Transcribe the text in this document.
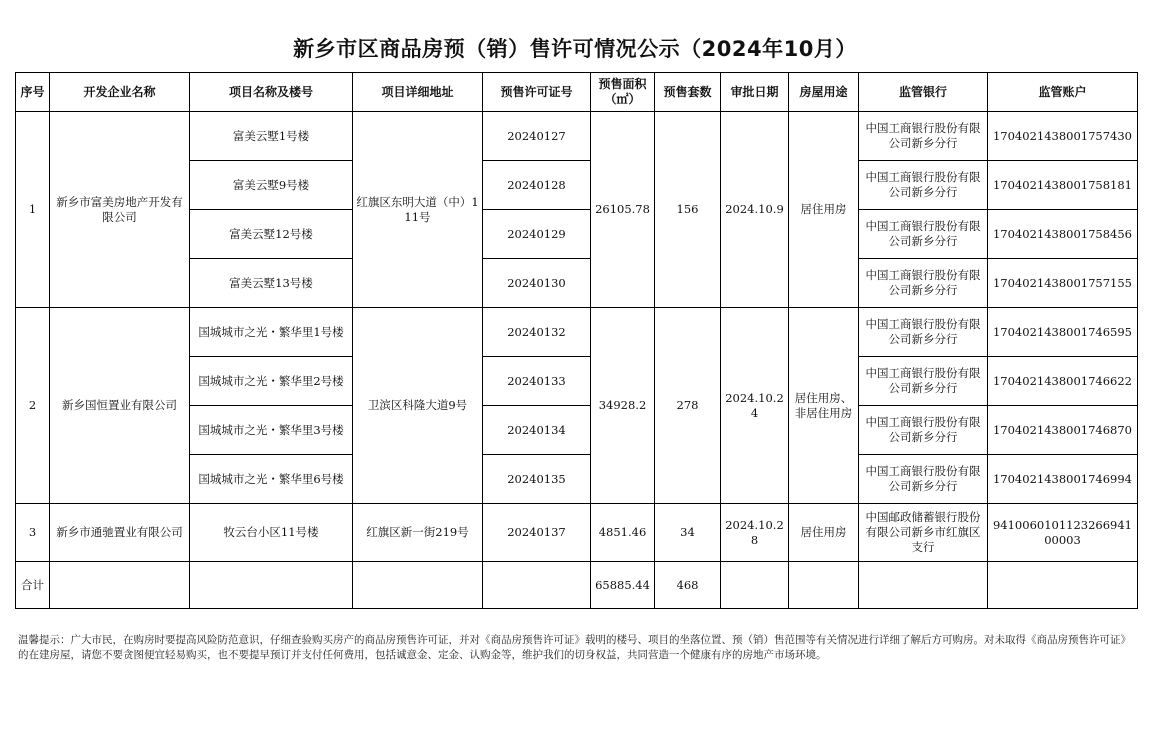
新乡市区商品房预（销）售许可情况公示（2024年10月）
序号	开发企业名称	项目名称及楼号	项目详细地址	预售许可证号	预售面积（㎡）	预售套数	审批日期	房屋用途	监管银行	监管账户
1	新乡市富美房地产开发有限公司	富美云墅1号楼	红旗区东明大道（中）111号	20240127	26105.78	156	2024.10.9	居住用房	中国工商银行股份有限公司新乡分行	1704021438001757430
		富美云墅9号楼		20240128					中国工商银行股份有限公司新乡分行	1704021438001758181
		富美云墅12号楼		20240129					中国工商银行股份有限公司新乡分行	1704021438001758456
		富美云墅13号楼		20240130					中国工商银行股份有限公司新乡分行	1704021438001757155
2	新乡国恒置业有限公司	国城城市之光・繁华里1号楼	卫滨区科隆大道9号	20240132	34928.2	278	2024.10.24	居住用房、非居住用房	中国工商银行股份有限公司新乡分行	1704021438001746595
		国城城市之光・繁华里2号楼		20240133					中国工商银行股份有限公司新乡分行	1704021438001746622
		国城城市之光・繁华里3号楼		20240134					中国工商银行股份有限公司新乡分行	1704021438001746870
		国城城市之光・繁华里6号楼		20240135					中国工商银行股份有限公司新乡分行	1704021438001746994
3	新乡市通驰置业有限公司	牧云台小区11号楼	红旗区新一街219号	20240137	4851.46	34	2024.10.28	居住用房	中国邮政储蓄银行股份有限公司新乡市红旗区支行	941006010112326694100003
合计					65885.44	468				
温馨提示：广大市民，在购房时要提高风险防范意识，仔细查验购买房产的商品房预售许可证，并对《商品房预售许可证》载明的楼号、项目的坐落位置、预（销）售范围等有关情况进行详细了解后方可购房。对未取得《商品房预售许可证》的在建房屋，请您不要贪图便宜轻易购买，也不要提早预订并支付任何费用，包括诚意金、定金、认购金等，维护我们的切身权益，共同营造一个健康有序的房地产市场环境。
